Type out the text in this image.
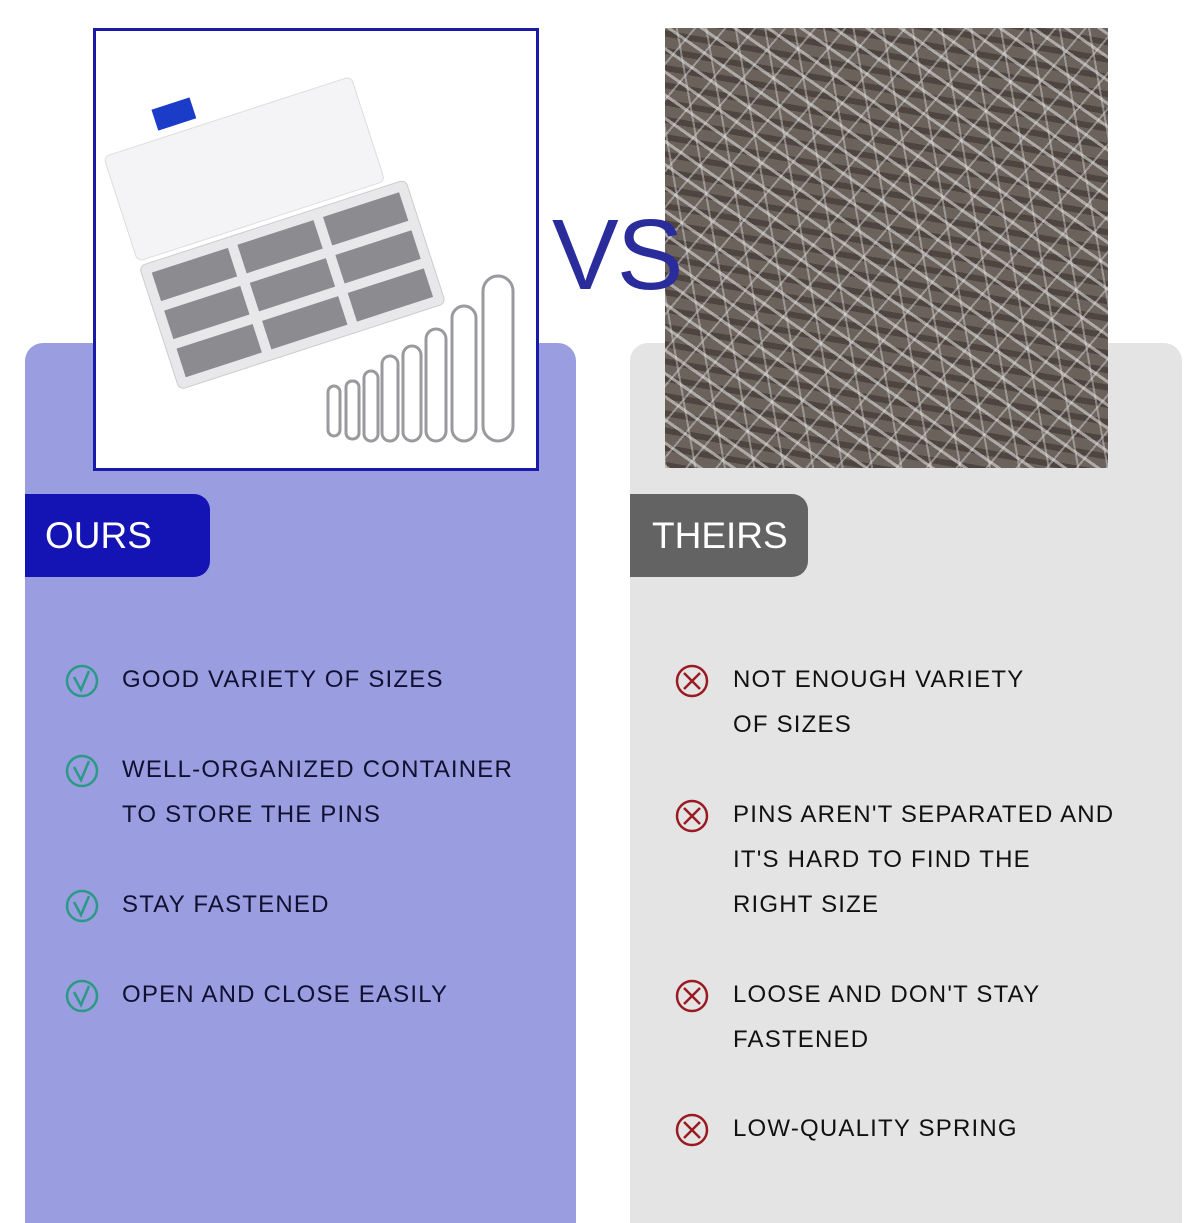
VS
OURS	THEIRS
GOOD VARIETY OF SIZES
WELL-ORGANIZED CONTAINER
TO STORE THE PINS
STAY FASTENED
OPEN AND CLOSE EASILY
NOT ENOUGH VARIETY
OF SIZES
PINS AREN'T SEPARATED AND
IT'S HARD TO FIND THE
RIGHT SIZE
LOOSE AND DON'T STAY
FASTENED
LOW-QUALITY SPRING
